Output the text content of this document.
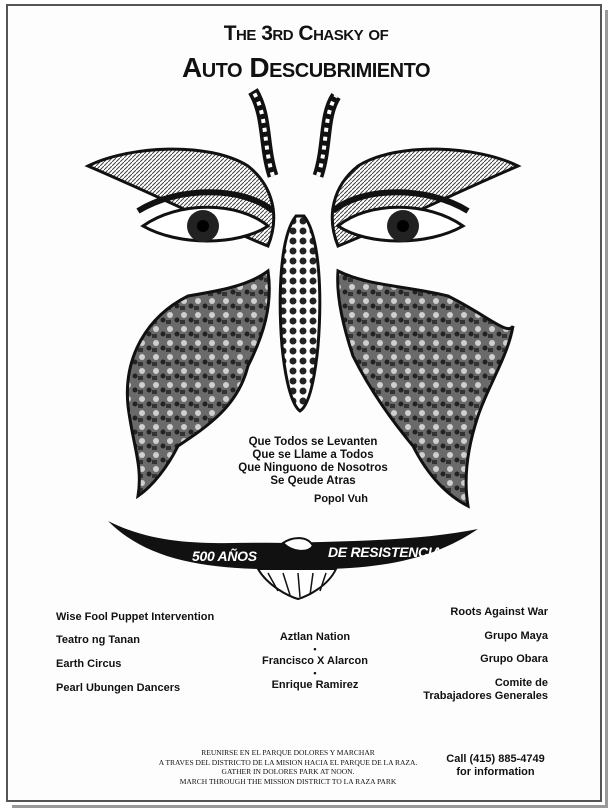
The 3rd Chasky of
Auto Descubrimiento
Que Todos se Levanten
Que se Llame a Todos
Que Ninguono de Nosotros
Se Qeude Atras
Popol Vuh
500 AÑOS	DE RESISTENCIA
Wise Fool Puppet Intervention
Teatro ng Tanan
Earth Circus
Pearl Ubungen Dancers
Aztlan Nation
•
Francisco X Alarcon
•
Enrique Ramirez
Roots Against War
Grupo Maya
Grupo Obara
Comite de
Trabajadores Generales
REUNIRSE EN EL PARQUE DOLORES Y MARCHAR
A TRAVES DEL DISTRICTO DE LA MISION HACIA EL PARQUE DE LA RAZA.
GATHER IN DOLORES PARK AT NOON.
MARCH THROUGH THE MISSION DISTRICT TO LA RAZA PARK
Call (415) 885-4749
for information
